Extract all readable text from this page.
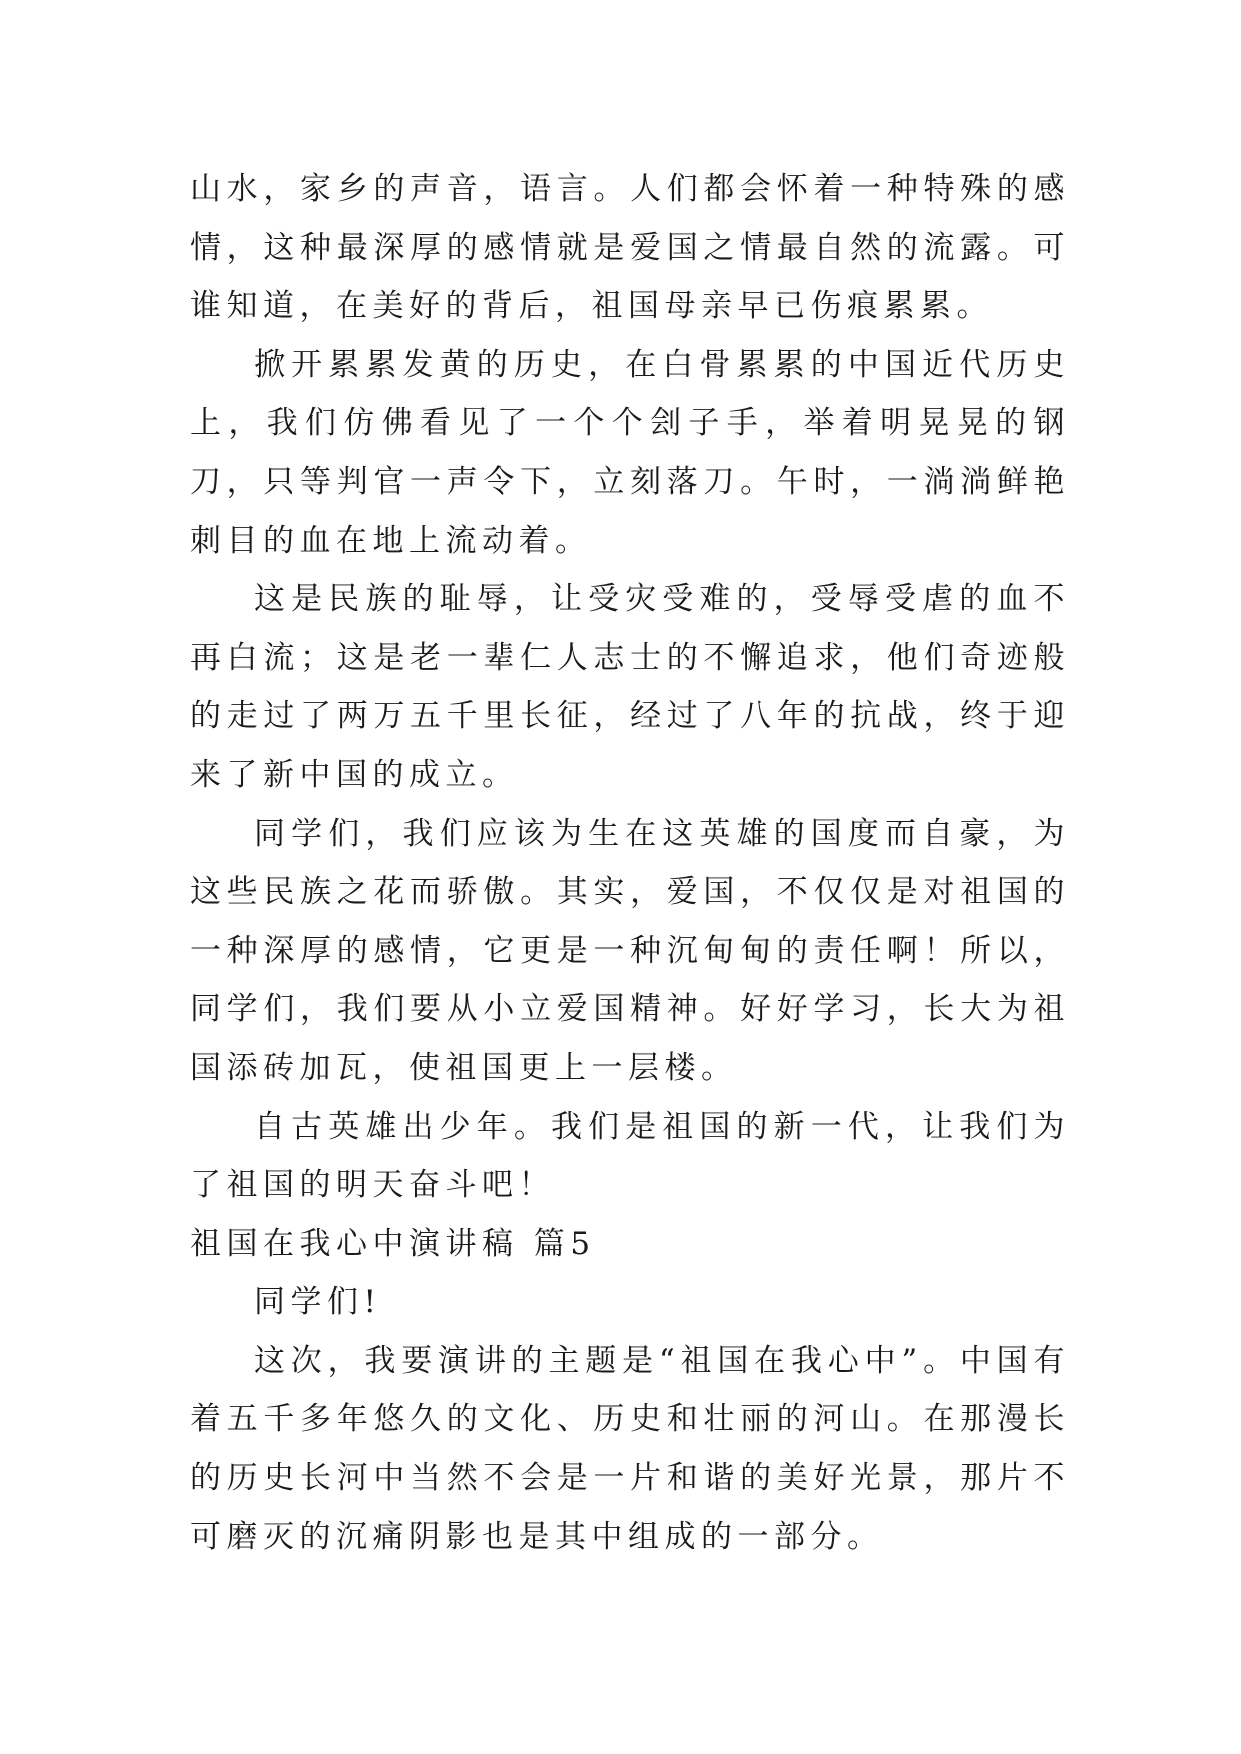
山水，家乡的声音，语言。人们都会怀着一种特殊的感情，这种最深厚的感情就是爱国之情最自然的流露。可谁知道，在美好的背后，祖国母亲早已伤痕累累。

掀开累累发黄的历史，在白骨累累的中国近代历史上，我们仿佛看见了一个个刽子手，举着明晃晃的钢刀，只等判官一声令下，立刻落刀。午时，一淌淌鲜艳刺目的血在地上流动着。

这是民族的耻辱，让受灾受难的，受辱受虐的血不再白流；这是老一辈仁人志士的不懈追求，他们奇迹般的走过了两万五千里长征，经过了八年的抗战，终于迎来了新中国的成立。

同学们，我们应该为生在这英雄的国度而自豪，为这些民族之花而骄傲。其实，爱国，不仅仅是对祖国的一种深厚的感情，它更是一种沉甸甸的责任啊！所以，同学们，我们要从小立爱国精神。好好学习，长大为祖国添砖加瓦，使祖国更上一层楼。

自古英雄出少年。我们是祖国的新一代，让我们为了祖国的明天奋斗吧！

祖国在我心中演讲稿 篇5

同学们!

这次，我要演讲的主题是“祖国在我心中”。中国有着五千多年悠久的文化、历史和壮丽的河山。在那漫长的历史长河中当然不会是一片和谐的美好光景，那片不可磨灭的沉痛阴影也是其中组成的一部分。
